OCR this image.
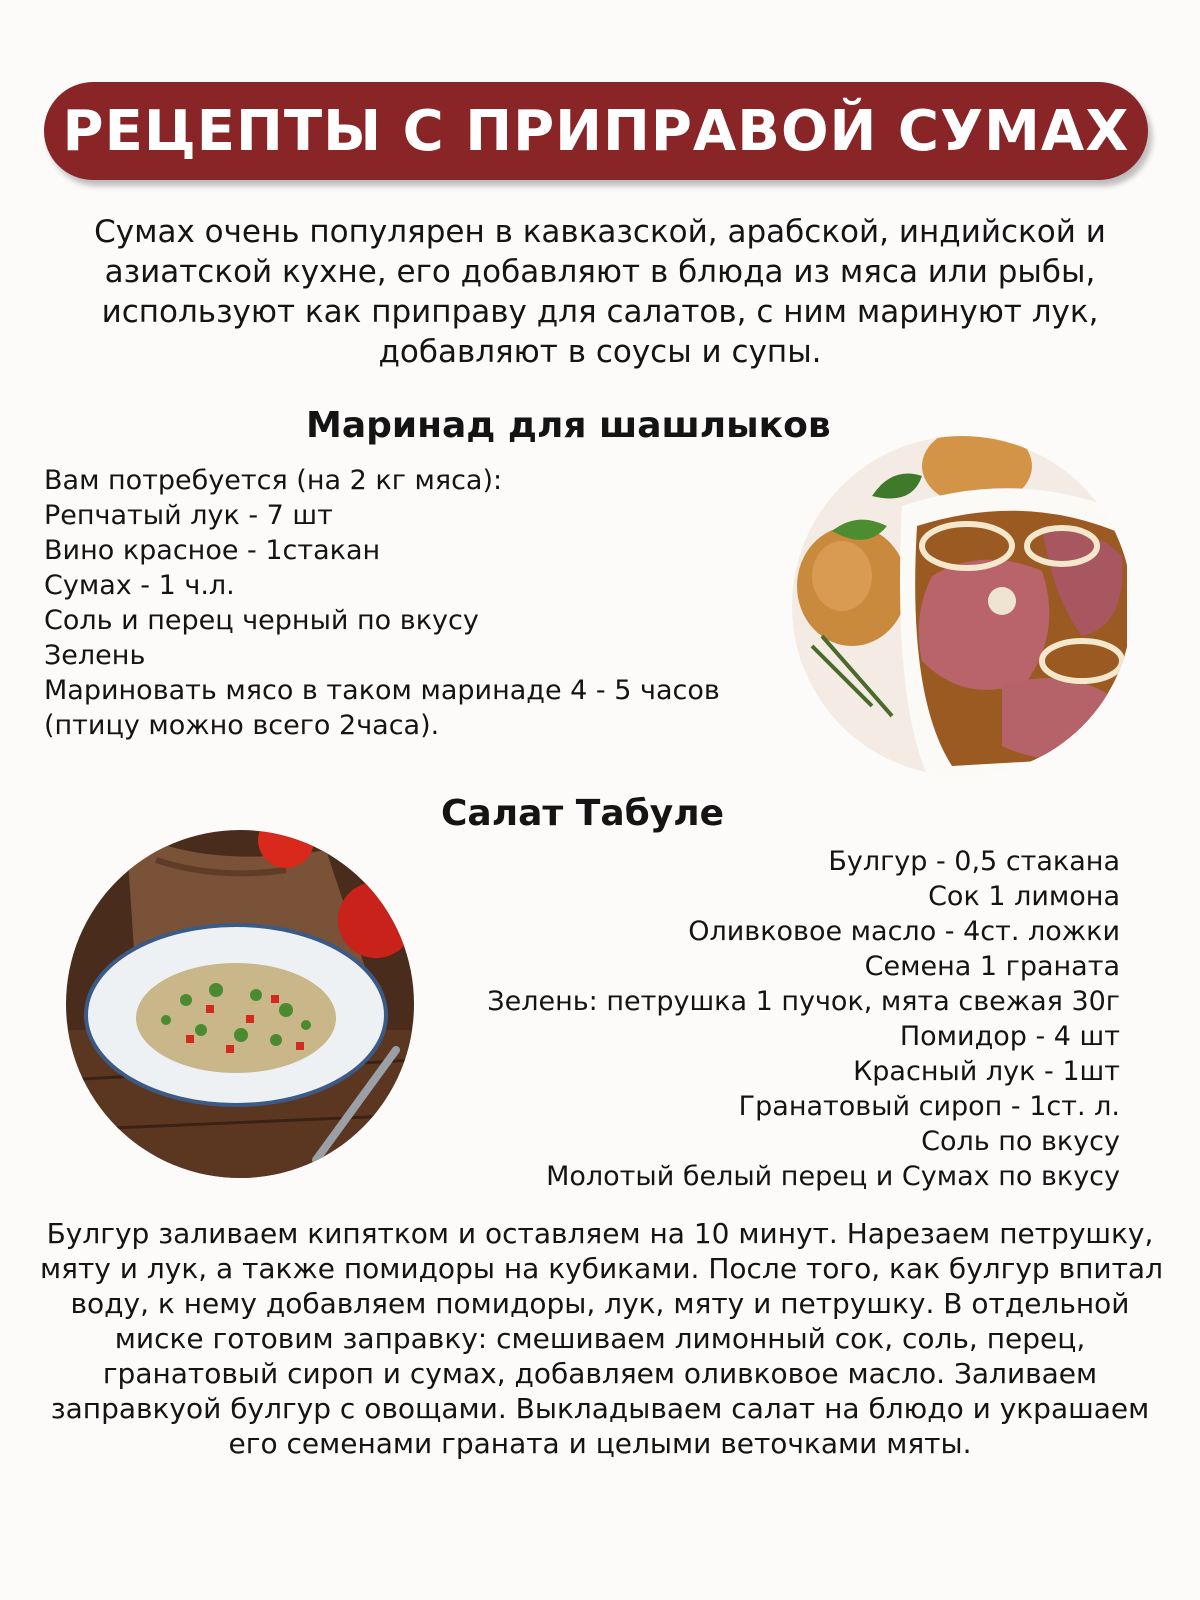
РЕЦЕПТЫ С ПРИПРАВОЙ СУМАХ

Сумах очень популярен в кавказской, арабской, индийской и
азиатской кухне, его добавляют в блюда из мяса или рыбы,
используют как приправу для салатов, с ним маринуют лук,
добавляют в соусы и супы.

Маринад для шашлыков
Вам потребуется (на 2 кг мяса):
Репчатый лук - 7 шт
Вино красное - 1стакан
Сумах - 1 ч.л.
Соль и перец черный по вкусу
Зелень
Мариновать мясо в таком маринаде 4 - 5 часов
(птицу можно всего 2часа).
Салат Табуле
Булгур - 0,5 стакана
Сок 1 лимона
Оливковое масло - 4ст. ложки
Семена 1 граната
Зелень: петрушка 1 пучок, мята свежая 30г
Помидор - 4 шт
Красный лук - 1шт
Гранатовый сироп - 1ст. л.
Соль по вкусу
Молотый белый перец и Сумах по вкусу

Булгур заливаем кипятком и оставляем на 10 минут. Нарезаем петрушку,
мяту и лук, а также помидоры на кубиками. После того, как булгур впитал
воду, к нему добавляем помидоры, лук, мяту и петрушку. В отдельной
миске готовим заправку: смешиваем лимонный сок, соль, перец,
гранатовый сироп и сумах, добавляем оливковое масло. Заливаем
заправкуой булгур с овощами. Выкладываем салат на блюдо и украшаем
его семенами граната и целыми веточками мяты.
